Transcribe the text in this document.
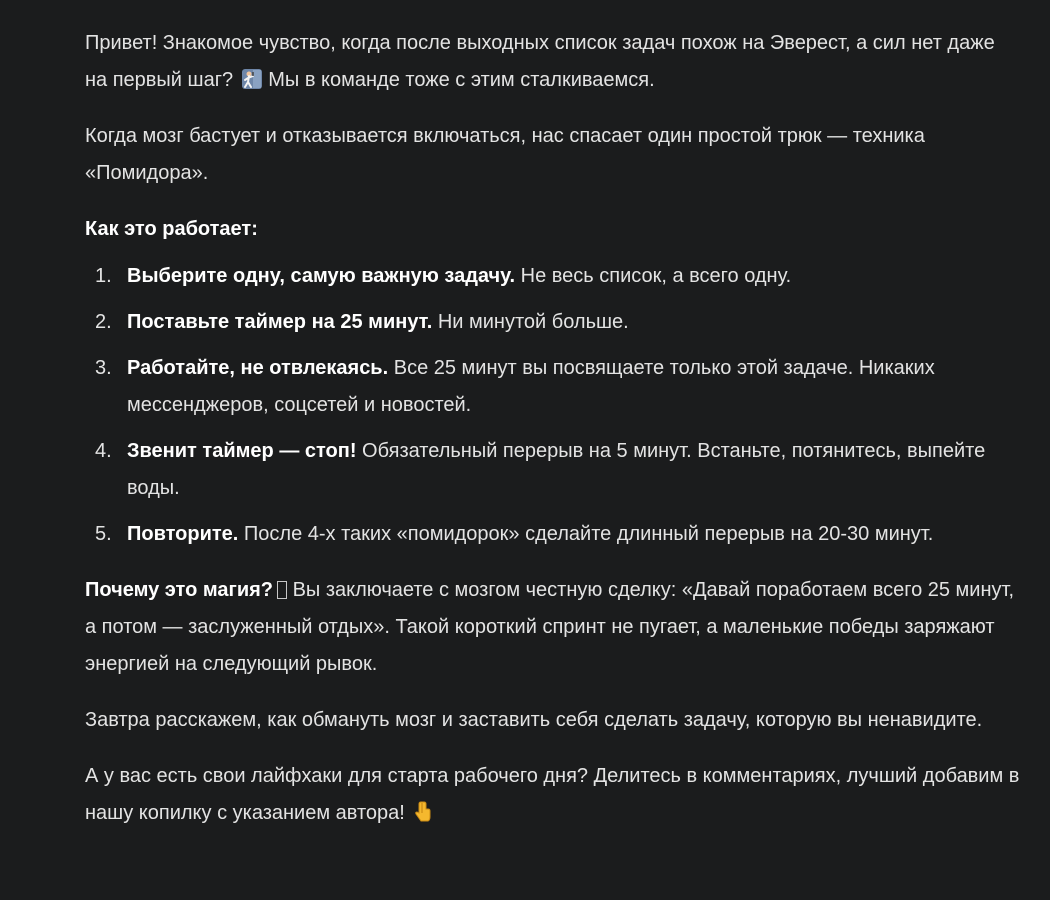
Привет! Знакомое чувство, когда после выходных список задач похож на Эверест, а сил нет даже на первый шаг?  Мы в команде тоже с этим сталкиваемся.

Когда мозг бастует и отказывается включаться, нас спасает один простой трюк — техника «Помидора».

Как это работает:

1. Выберите одну, самую важную задачу. Не весь список, а всего одну.
2. Поставьте таймер на 25 минут. Ни минутой больше.
3. Работайте, не отвлекаясь. Все 25 минут вы посвящаете только этой задаче. Никаких мессенджеров, соцсетей и новостей.
4. Звенит таймер — стоп! Обязательный перерыв на 5 минут. Встаньте, потянитесь, выпейте воды.
5. Повторите. После 4-х таких «помидорок» сделайте длинный перерыв на 20-30 минут.

Почему это магия? Вы заключаете с мозгом честную сделку: «Давай поработаем всего 25 минут, а потом — заслуженный отдых». Такой короткий спринт не пугает, а маленькие победы заряжают энергией на следующий рывок.

Завтра расскажем, как обмануть мозг и заставить себя сделать задачу, которую вы ненавидите.

А у вас есть свои лайфхаки для старта рабочего дня? Делитесь в комментариях, лучший добавим в нашу копилку с указанием автора!
